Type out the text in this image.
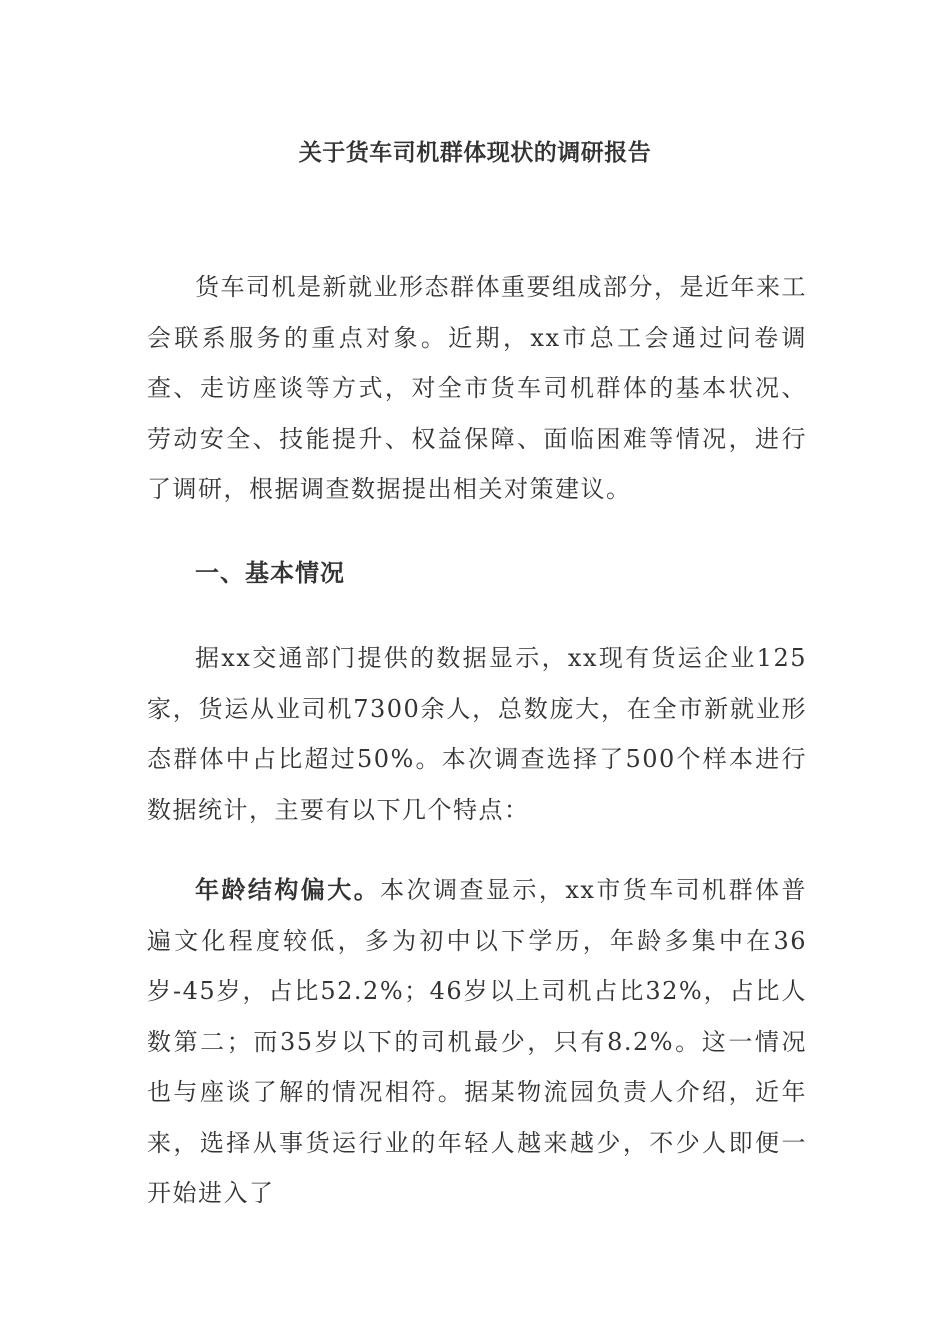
关于货车司机群体现状的调研报告

货车司机是新就业形态群体重要组成部分，是近年来工会联系服务的重点对象。近期，xx市总工会通过问卷调查、走访座谈等方式，对全市货车司机群体的基本状况、劳动安全、技能提升、权益保障、面临困难等情况，进行了调研，根据调查数据提出相关对策建议。

一、基本情况

据xx交通部门提供的数据显示，xx现有货运企业125家，货运从业司机7300余人，总数庞大，在全市新就业形态群体中占比超过50%。本次调查选择了500个样本进行数据统计，主要有以下几个特点：

年龄结构偏大。本次调查显示，xx市货车司机群体普遍文化程度较低，多为初中以下学历，年龄多集中在36岁-45岁，占比52.2%；46岁以上司机占比32%，占比人数第二；而35岁以下的司机最少，只有8.2%。这一情况也与座谈了解的情况相符。据某物流园负责人介绍，近年来，选择从事货运行业的年轻人越来越少，不少人即便一开始进入了
